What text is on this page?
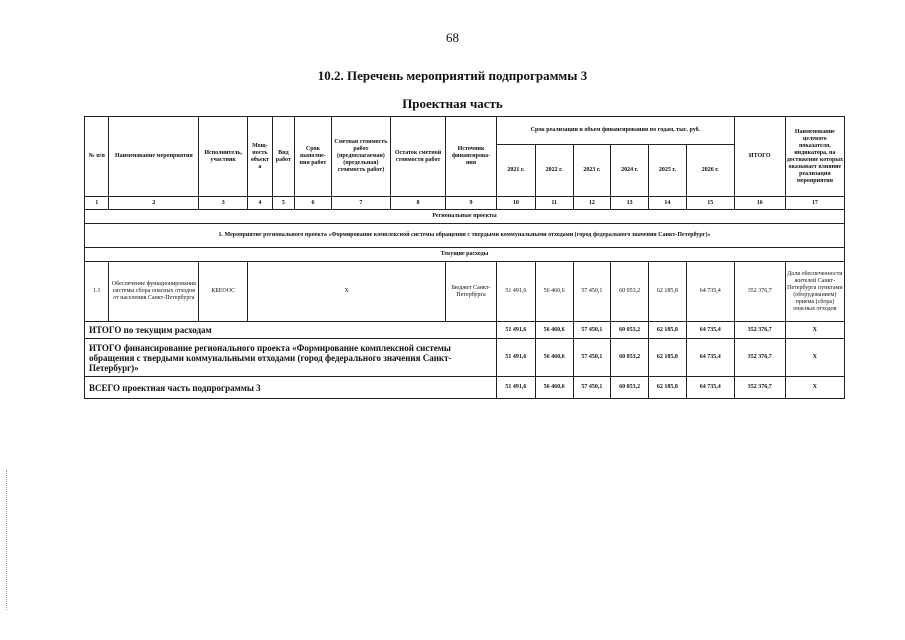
68
10.2. Перечень мероприятий подпрограммы 3
Проектная часть
№ п/п	Наименование мероприятия	Исполнитель, участник	Мощ-ность объекта	Вид работ	Срок выполне-ния работ	Сметная стоимость работ (предполагаемая) (предельная) стоимость работ)	Остаток сметной стоимости работ	Источник финансирова-ния	Срок реализации и объем финансирования по годам, тыс. руб.						ИТОГО	Наименование целевого показателя, индикатора, на достижение которых оказывает влияние реализация мероприятия
									2021 г.	2022 г.	2023 г.	2024 г.	2025 г.	2026 г.		
1	2	3	4	5	6	7	8	9	10	11	12	13	14	15	16	17
Региональные проекты																
1. Мероприятие регионального проекта «Формирование комплексной системы обращения с твердыми коммунальными отходами (город федерального значения Санкт-Петербург)»																
Текущие расходы																
1.1	Обеспечение функционирования системы сбора опасных отходов от населения Санкт-Петербурга	КБЕООС	X					Бюджет Санкт-Петербурга	51 491,6	56 460,6	57 450,1	60 053,2	62 185,8	64 735,4	352 376,7	Доля обеспеченности жителей Санкт-Петербурга пунктами (оборудованием) приема (сбора) опасных отходов
ИТОГО по текущим расходам									51 491,6	56 460,6	57 450,1	60 053,2	62 185,8	64 735,4	352 376,7	X
ИТОГО финансирование регионального проекта «Формирование комплексной системы обращения с твердыми коммунальными отходами (город федерального значения Санкт-Петербург)»									51 491,6	56 460,6	57 450,1	60 053,2	62 185,8	64 735,4	352 376,7	X
ВСЕГО проектная часть подпрограммы 3									51 491,6	56 460,6	57 450,1	60 053,2	62 185,8	64 735,4	352 376,7	X
